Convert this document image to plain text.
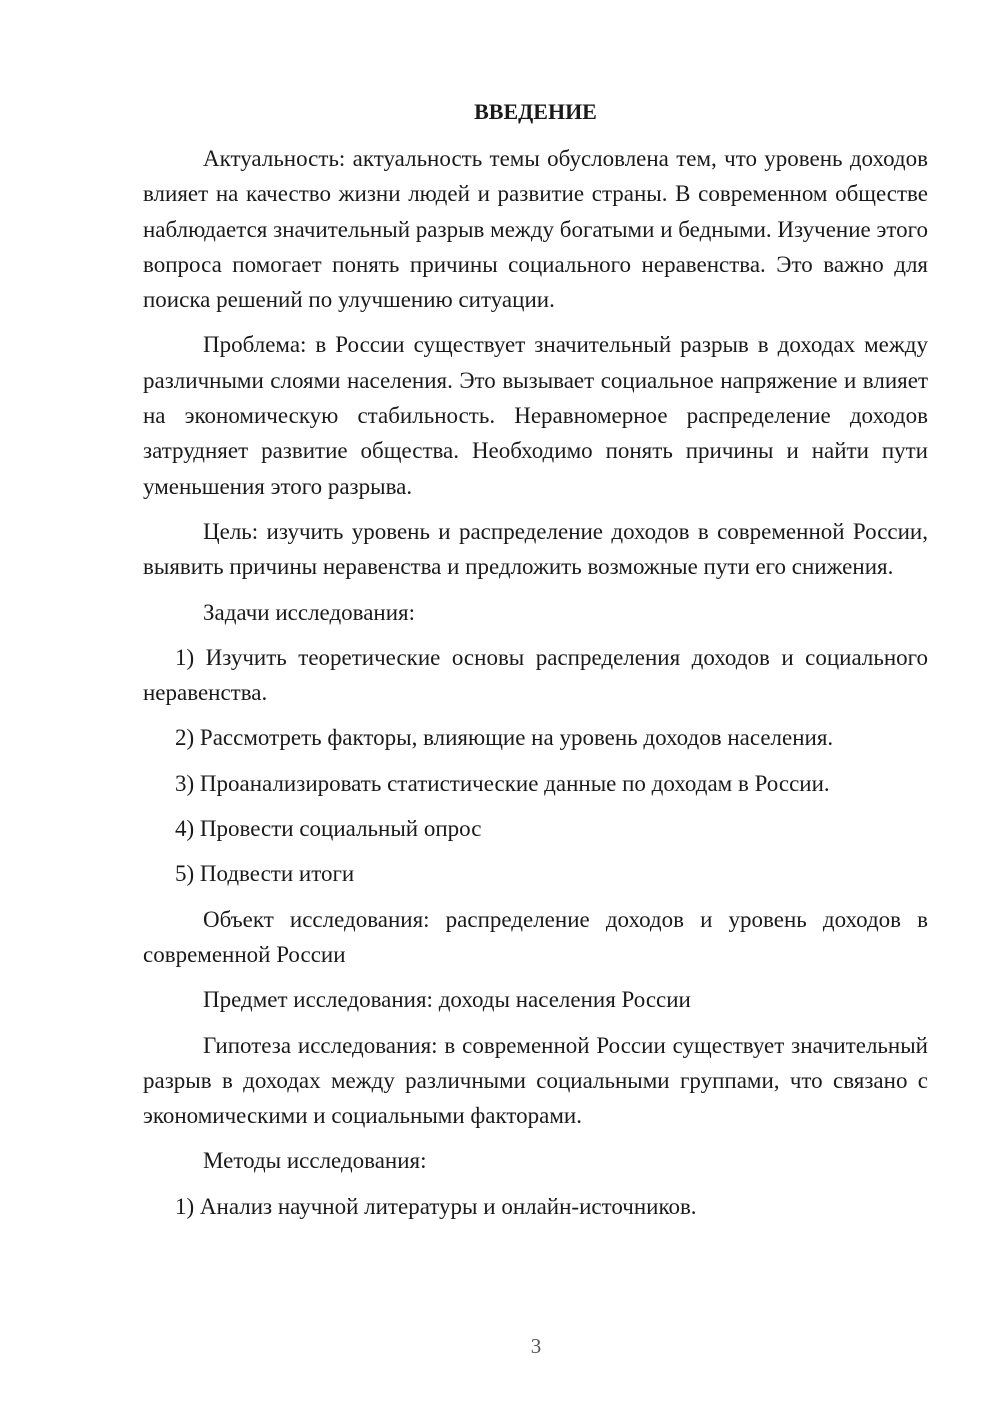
ВВЕДЕНИЕ

Актуальность: актуальность темы обусловлена тем, что уровень доходов влияет на качество жизни людей и развитие страны. В современном обществе наблюдается значительный разрыв между богатыми и бедными. Изучение этого вопроса помогает понять причины социального неравенства. Это важно для поиска решений по улучшению ситуации.

Проблема: в России существует значительный разрыв в доходах между различными слоями населения. Это вызывает социальное напряжение и влияет на экономическую стабильность. Неравномерное распределение доходов затрудняет развитие общества. Необходимо понять причины и найти пути уменьшения этого разрыва.

Цель: изучить уровень и распределение доходов в современной России, выявить причины неравенства и предложить возможные пути его снижения.

Задачи исследования:

1) Изучить теоретические основы распределения доходов и социального неравенства.

2) Рассмотреть факторы, влияющие на уровень доходов населения.

3) Проанализировать статистические данные по доходам в России.

4) Провести социальный опрос

5) Подвести итоги

Объект исследования: распределение доходов и уровень доходов в современной России

Предмет исследования: доходы населения России

Гипотеза исследования: в современной России существует значительный разрыв в доходах между различными социальными группами, что связано с экономическими и социальными факторами.

Методы исследования:

1) Анализ научной литературы и онлайн-источников.

3
